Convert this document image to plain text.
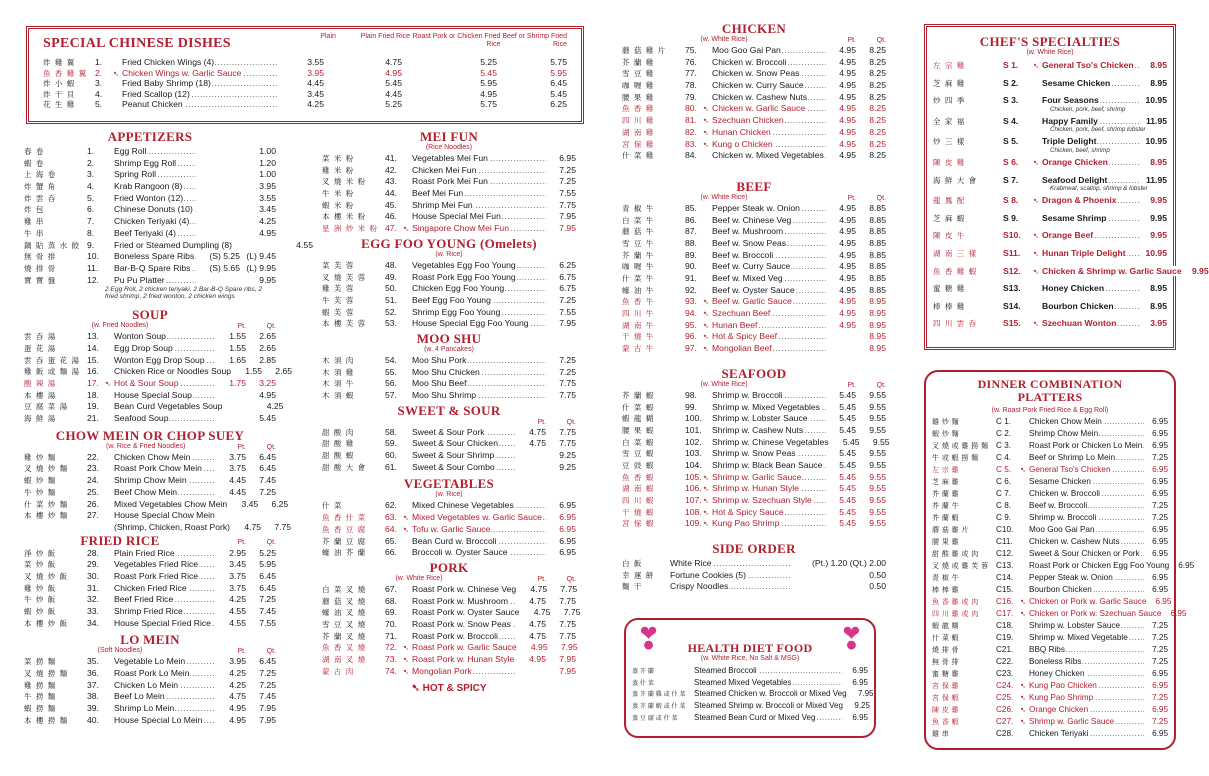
SPECIAL CHINESE DISHES	Plain	Plain Fried Rice Roast Pork or Chicken Fried Rice
Beef or Shrimp Fried Rice
炸 雞 翼	1.	Fried Chicken Wings (4) .....	3.55	4.75	5.25	5.75
魚 香 雞 翼 2.	➷ Chicken Wings w. Garlic Sauce .....	3.95	4.95	5.45	5.95
炸 小 蝦	3.	Fried Baby Shrimp (18) .....	4.45	5.45	5.95	6.45
炸 干 貝	4.	Fried Scallop (12) .....	3.45	4.45	4.95	5.45
花 生 雞	5.	Peanut Chicken .....	4.25	5.25	5.75	6.25
APPETIZERS
春 卷	1.	Egg Roll .....	1.00
蝦 卷	2.	Shrimp Egg Roll .....	1.20
上 海 卷	3.	Spring Roll .....	1.00
炸 蟹 角	4.	Krab Rangoon (8) .....	3.95
炸 雲 吞	5.	Fried Wonton (12) .....	3.55
炸 包	6.	Chinese Donuts (10) .....	3.45
雞 串	7.	Chicken Teriyaki (4) .....	4.25
牛 串	8.	Beef Teriyaki (4) .....	4.95
鍋 貼 蒸 水 餃 9.	Fried or Steamed Dumpling (8) .....	4.55
無 骨 排	10.	Boneless Spare Ribs .....	(S) 5.25 (L) 9.45
燒 排 骨	11.	Bar-B-Q Spare Ribs .....	(S) 5.65 (L) 9.95
寶 寶 盤	12.	Pu Pu Platter .....	9.95
2 Egg Roll, 2 chicken teriyaki, 2 Bar-B-Q Spare ribs, 2 fried shrimp, 2 fried wonton, 2 chicken wings
SOUP
(w. Fried Noodles)	Pt.	Qt.
雲 吞 湯	13.	Wonton Soup .....	1.55	2.65
蛋 花 湯	14.	Egg Drop Soup .....	1.55	2.65
雲 吞 蛋 花 湯 15.	Wonton Egg Drop Soup .....	1.65	2.85
雞 飯 或 麵 湯 16.	Chicken Rice or Noodles Soup .....	1.55	2.65
酸 辣 湯	17. ➷ Hot & Sour Soup .....	1.75	3.25
本 樓 湯	18.	House Special Soup .....	4.95
豆 腐 菜 湯	19.	Bean Curd Vegetables Soup .....	4.25
海 鮮 湯	21.	Seafood Soup .....	5.45
CHOW MEIN OR CHOP SUEY
(w. Rice & Fried Noodles)	Pt.	Qt.
雞 炒 麵	22.	Chicken Chow Mein .....	3.75	6.45
叉 燒 炒 麵	23.	Roast Pork Chow Mein .....	3.75	6.45
蝦 炒 麵	24.	Shrimp Chow Mein .....	4.45	7.45
牛 炒 麵	25.	Beef Chow Mein .....	4.45	7.25
什 菜 炒 麵	26.	Mixed Vegetables Chow Mein .....	3.45	6.25
本 樓 炒 麵	27.	House Special Chow Mein .....
(Shrimp, Chicken, Roast Pork) .....	4.75	7.75
FRIED RICE	Pt.	Qt.
淨 炒 飯	28.	Plain Fried Rice .....	2.95	5.25
菜 炒 飯	29.	Vegetables Fried Rice .....	3.45	5.95
叉 燒 炒 飯	30.	Roast Pork Fried Rice .....	3.75	6.45
雞 炒 飯	31.	Chicken Fried Rice .....	3.75	6.45
牛 炒 飯	32.	Beef Fried Rice .....	4.25	7.25
蝦 炒 飯	33.	Shrimp Fried Rice .....	4.55	7.45
本 樓 炒 飯	34.	House Special Fried Rice .....	4.55	7.55
LO MEIN
(Soft Noodles)	Pt.	Qt.
菜 撈 麵	35.	Vegetable Lo Mein .....	3.95	6.45
叉 燒 撈 麵	36.	Roast Pork Lo Mein .....	4.25	7.25
雞 撈 麵	37.	Chicken Lo Mein .....	4.25	7.25
牛 撈 麵	38.	Beef Lo Mein .....	4.75	7.45
蝦 撈 麵	39.	Shrimp Lo Mein .....	4.95	7.95
本 樓 撈 麵	40.	House Special Lo Mein .....	4.95	7.95
MEI FUN
(Rice Noodles)
菜 米 粉	41.	Vegetables Mei Fun .....	6.95
雞 米 粉	42.	Chicken Mei Fun .....	7.25
叉 燒 米 粉	43.	Roast Pork Mei Fun .....	7.25
牛 米 粉	44.	Beef Mei Fun .....	7.55
蝦 米 粉	45.	Shrimp Mei Fun .....	7.75
本 樓 米 粉	46.	House Special Mei Fun .....	7.95
星 洲 炒 米 粉 47. ➷ Singapore Chow Mei Fun .....	7.95
EGG FOO YOUNG (Omelets)
(w. Rice)
菜 芙 蓉	48.	Vegetables Egg Foo Young .....	6.25
叉 燒 芙 蓉	49.	Roast Pork Egg Foo Young .....	6.75
雞 芙 蓉	50.	Chicken Egg Foo Young .....	6.75
牛 芙 蓉	51.	Beef Egg Foo Young .....	7.25
蝦 芙 蓉	52.	Shrimp Egg Foo Young .....	7.55
本 樓 芙 蓉	53.	House Special Egg Foo Young .....	7.95
MOO SHU
(w. 4 Pancakes)
木 須 肉	54.	Moo Shu Pork .....	7.25
木 須 雞	55.	Moo Shu Chicken .....	7.25
木 須 牛	56.	Moo Shu Beef .....	7.75
木 須 蝦	57.	Moo Shu Shrimp .....	7.75
SWEET & SOUR
Pt.	Qt.
甜 酸 肉	58.	Sweet & Sour Pork .....	4.75	7.75
甜 酸 雞	59.	Sweet & Sour Chicken .....	4.75	7.75
甜 酸 蝦	60.	Sweet & Sour Shrimp .....	9.25
甜 酸 大 會	61.	Sweet & Sour Combo .....	9.25
VEGETABLES
(w. Rice)
什 菜	62.	Mixed Chinese Vegetables .....	6.95
魚 香 什 菜	63. ➷ Mixed Vegetables w. Garlic Sauce .....	6.95
魚 香 豆 腐	64. ➷ Tofu w. Garlic Sauce .....	6.95
芥 蘭 豆 腐	65.	Bean Curd w. Broccoli .....	6.95
蠔 油 芥 蘭	66.	Broccoli w. Oyster Sauce .....	6.95
PORK
(w. White Rice)	Pt.	Qt.
白 菜 叉 燒	67.	Roast Pork w. Chinese Veg .....	4.75	7.75
蘑 菇 叉 燒	68.	Roast Pork w. Mushroom .....	4.75	7.75
蠔 油 叉 燒	69.	Roast Pork w. Oyster Sauce .....	4.75	7.75
雪 豆 叉 燒	70.	Roast Pork w. Snow Peas .....	4.75	7.75
芥 蘭 叉 燒	71.	Roast Pork w. Broccoli .....	4.75	7.75
魚 香 叉 燒	72. ➷ Roast Pork w. Garlic Sauce .....	4.95	7.95
湖 南 叉 燒	73. ➷ Roast Pork w. Hunan Style .....	4.95	7.95
蒙 古 肉	74. ➷ Mongolian Pork .....	7.95
➷ HOT & SPICY
CHICKEN
(w. White Rice)	Pt.	Qt.
蘑 菇 雞 片	75.	Moo Goo Gai Pan .....	4.95	8.25
芥 蘭 雞	76.	Chicken w. Broccoli .....	4.95	8.25
雪 豆 雞	77.	Chicken w. Snow Peas .....	4.95	8.25
咖 喱 雞	78.	Chicken w. Curry Sauce .....	4.95	8.25
腰 果 雞	79.	Chicken w. Cashew Nuts .....	4.95	8.25
魚 香 雞	80. ➷ Chicken w. Garlic Sauce .....	4.95	8.25
四 川 雞	81. ➷ Szechuan Chicken .....	4.95	8.25
湖 南 雞	82. ➷ Hunan Chicken .....	4.95	8.25
宮 保 雞	83. ➷ Kung o Chicken .....	4.95	8.25
什 菜 雞	84.	Chicken w. Mixed Vegetables .....	4.95	8.25
BEEF
(w. White Rice)	Pt.	Qt.
青 椒 牛	85.	Pepper Steak w. Onion .....	4.95	8.85
白 菜 牛	86.	Beef w. Chinese Veg .....	4.95	8.85
蘑 菇 牛	87.	Beef w. Mushroom .....	4.95	8.85
雪 豆 牛	88.	Beef w. Snow Peas .....	4.95	8.85
芥 蘭 牛	89.	Beef w. Broccoli .....	4.95	8.85
咖 喱 牛	90.	Beef w. Curry Sauce .....	4.95	8.85
什 菜 牛	91.	Beef w. Mixed Veg .....	4.95	8.85
蠔 油 牛	92.	Beef w. Oyster Sauce .....	4.95	8.85
魚 香 牛	93. ➷ Beef w. Garlic Sauce .....	4.95	8.95
四 川 牛	94. ➷ Szechuan Beef .....	4.95	8.95
湖 南 牛	95. ➷ Hunan Beef .....	4.95	8.95
干 燒 牛	96. ➷ Hot & Spicy Beef .....	8.95
蒙 古 牛	97. ➷ Mongolian Beef .....	8.95
SEAFOOD
(w. White Rice)	Pt.	Qt.
芥 蘭 蝦	98.	Shrimp w. Broccoli .....	5.45	9.55
什 菜 蝦	99.	Shrimp w. Mixed Vegetables .....	5.45	9.55
蝦 龍 糊	100. Shrimp w. Lobster Sauce .....	5.45	9.55
腰 果 蝦	101. Shrimp w. Cashew Nuts .....	5.45	9.55
白 菜 蝦	102. Shrimp w. Chinese Vegetables .....	5.45	9.55
雪 豆 蝦	103. Shrimp w. Snow Peas .....	5.45	9.55
豆 豉 蝦	104. Shrimp w. Black Bean Sauce .....	5.45	9.55
魚 香 蝦	105. ➷ Shrimp w. Garlic Sauce .....	5.45	9.55
湖 南 蝦	106. ➷ Shrimp w. Hunan Style .....	5.45	9.55
四 川 蝦	107. ➷ Shrimp w. Szechuan Style .....	5.45	9.55
干 燒 蝦	108. ➷ Hot & Spicy Sauce .....	5.45	9.55
宮 保 蝦	109. ➷ Kung Pao Shrimp .....	5.45	9.55
SIDE ORDER
白 飯	White Rice .....	(Pt.) 1.20 (Qt.) 2.00
幸 運 餅	Fortune Cookies (5) .....	0.50
麵 干	Crispy Noodles .....	0.50
❣	❣
HEALTH DIET FOOD
(w. White Rice, No Salt & MSG)
蒸 芥 蘭	Steamed Broccoli .....	6.95
蒸 什 菜	Steamed Mixed Vegetables .....	6.95
蒸 芥 蘭 雞 或 什 菜	Steamed Chicken w. Broccoli or Mixed Veg .....	7.95
蒸 芥 蘭 蝦 或 什 菜	Steamed Shrimp w. Broccoli or Mixed Veg .....	9.25
蒸 豆 腐 或 什 菜	Steamed Bean Curd or Mixed Veg .....	6.95
CHEF'S SPECIALTIES
(w. White Rice)
左 宗 雞	S 1.	➷ General Tso's Chicken .....	8.95
芝 麻 雞	S 2.	Sesame Chicken .....	8.95
炒 四 季	S 3.	Four Seasons .....	10.95
Chicken, pork, beef, shrimp
全 家 福	S 4.	Happy Family .....	11.95
Chicken, pork, beef, shrimp lobster
炒 三 樣	S 5.	Triple Delight .....	10.95
Chicken, beef, shrimp
陳 皮 雞	S 6.	➷ Orange Chicken .....	8.95
海 鮮 大 會	S 7.	Seafood Delight .....	11.95
Krabmeat, scallop, shrimp & lobster
龍 鳳 配	S 8.	➷ Dragon & Phoenix .....	9.95
芝 麻 蝦	S 9.	Sesame Shrimp .....	9.95
陳 皮 牛	S10.	➷ Orange Beef .....	9.95
湖 南 三 樣	S11.	➷ Hunan Triple Delight .....	10.95
魚 香 雞 蝦	S12.	➷ Chicken & Shrimp w. Garlic Sauce .....	9.95
蜜 糖 雞	S13.	Honey Chicken .....	8.95
棒 棒 雞	S14.	Bourbon Chicken .....	8.95
四 川 雲 吞	S15.	➷ Szechuan Wonton .....	3.95
DINNER COMBINATION PLATTERS
(w. Roast Pork Fried Rice & Egg Roll)
雞 炒 麵	C 1.	Chicken Chow Mein .....	6.95
蝦 炒 麵	C 2.	Shrimp Chow Mein .....	6.95
叉 燒 或 雞 撈 麵 C 3.	Roast Pork or Chicken Lo Mein .....	6.95
牛 或 蝦 撈 麵	C 4.	Beef or Shrimp Lo Mein .....	7.25
左 宗 雞	C 5.	➷ General Tso's Chicken .....	6.95
芝 麻 雞	C 6.	Sesame Chicken .....	6.95
芥 蘭 雞	C 7.	Chicken w. Broccoli .....	6.95
芥 蘭 牛	C 8.	Beef w. Broccoli .....	7.25
芥 蘭 蝦	C 9.	Shrimp w. Broccoli .....	7.25
蘑 菇 雞 片	C10.	Moo Goo Gai Pan .....	6.95
腰 果 雞	C11.	Chicken w. Cashew Nuts .....	6.95
甜 酸 雞 或 肉	C12.	Sweet & Sour Chicken or Pork .....	6.95
叉 燒 或 雞 芙 蓉 C13.	Roast Pork or Chicken Egg Foo Young .....	6.95
青 椒 牛	C14.	Pepper Steak w. Onion .....	6.95
棒 棒 雞	C15.	Bourbon Chicken .....	6.95
魚 香 雞 或 肉	C16. ➷ Chicken or Pork w. Garlic Sauce .....	6.95
四 川 雞 或 肉	C17. ➷ Chicken or Pork w. Szechuan Sauce .....	6.95
蝦 龍 糊	C18.	Shrimp w. Lobster Sauce .....	7.25
什 菜 蝦	C19.	Shrimp w. Mixed Vegetable .....	7.25
燒 排 骨	C21.	BBQ Ribs .....	7.25
無 骨 排	C22.	Boneless Ribs .....	7.25
蜜 糖 雞	C23.	Honey Chicken .....	6.95
宮 保 雞	C24. ➷ Kung Pao Chicken .....	6.95
宮 保 蝦	C25. ➷ Kung Pao Shrimp .....	7.25
陳 皮 雞	C26. ➷ Orange Chicken .....	6.95
魚 香 蝦	C27. ➷ Shrimp w. Garlic Sauce .....	7.25
雞 串	C28.	Chicken Teriyaki .....	6.95
